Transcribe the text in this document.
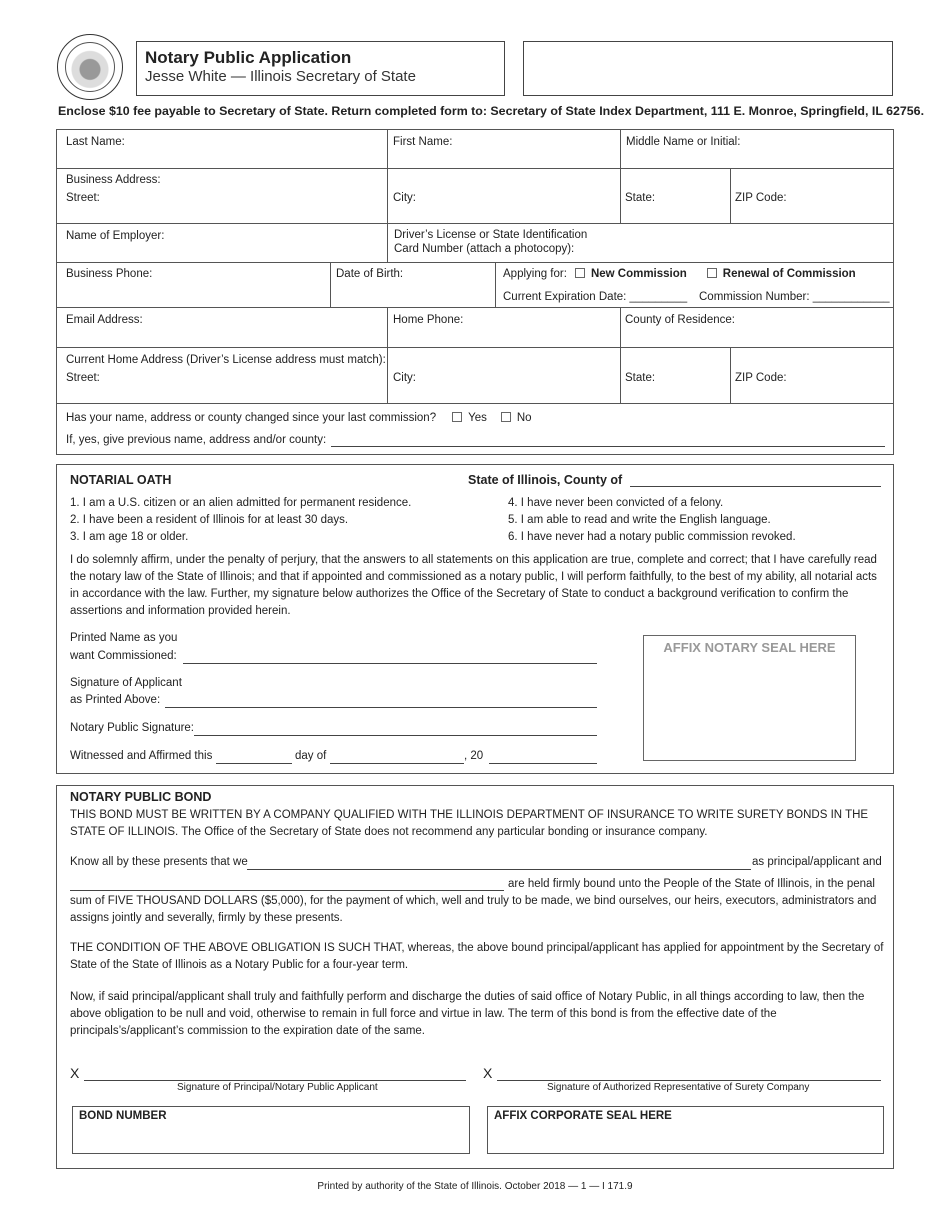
Notary Public Application
Jesse White — Illinois Secretary of State
Enclose $10 fee payable to Secretary of State. Return completed form to: Secretary of State Index Department, 111 E. Monroe, Springfield, IL 62756.
Last Name:	First Name:	Middle Name or Initial:
Business Address:
Street:	City:	State:	ZIP Code:
Name of Employer:	Driver’s License or State Identification
Card Number (attach a photocopy):
Business Phone:	Date of Birth:	Applying for: New Commission	Renewal of Commission
Current Expiration Date: _________ Commission Number: ____________
Email Address:	Home Phone:	County of Residence:
Current Home Address (Driver’s License address must match):
Street:	City:	State:	ZIP Code:
Has your name, address or county changed since your last commission?	Yes	No
If, yes, give previous name, address and/or county:
NOTARIAL OATH	State of Illinois, County of
1. I am a U.S. citizen or an alien admitted for permanent residence.
2. I have been a resident of Illinois for at least 30 days.
3. I am age 18 or older.
4. I have never been convicted of a felony.
5. I am able to read and write the English language.
6. I have never had a notary public commission revoked.
I do solemnly affirm, under the penalty of perjury, that the answers to all statements on this application are true, complete and correct; that I have carefully read the notary law of the State of Illinois; and that if appointed and commissioned as a notary public, I will perform faithfully, to the best of my ability, all notarial acts in accordance with the law. Further, my signature below authorizes the Office of the Secretary of State to conduct a background verification to confirm the assertions and information provided herein.
Printed Name as you
want Commissioned:
Signature of Applicant
as Printed Above:
Notary Public Signature:
Witnessed and Affirmed this	day of	, 20
AFFIX NOTARY SEAL HERE
NOTARY PUBLIC BOND
THIS BOND MUST BE WRITTEN BY A COMPANY QUALIFIED WITH THE ILLINOIS DEPARTMENT OF INSURANCE TO WRITE SURETY BONDS IN THE STATE OF ILLINOIS. The Office of the Secretary of State does not recommend any particular bonding or insurance company.
Know all by these presents that we	as principal/applicant and
are held firmly bound unto the People of the State of Illinois, in the penal
sum of FIVE THOUSAND DOLLARS ($5,000), for the payment of which, well and truly to be made, we bind ourselves, our heirs, executors, administrators and assigns jointly and severally, firmly by these presents.
THE CONDITION OF THE ABOVE OBLIGATION IS SUCH THAT, whereas, the above bound principal/applicant has applied for appointment by the Secretary of State of the State of Illinois as a Notary Public for a four-year term.
Now, if said principal/applicant shall truly and faithfully perform and discharge the duties of said office of Notary Public, in all things according to law, then the above obligation to be null and void, otherwise to remain in full force and virtue in law. The term of this bond is from the effective date of the principals’s/applicant’s commission to the expiration date of the same.
X
Signature of Principal/Notary Public Applicant
X
Signature of Authorized Representative of Surety Company
BOND NUMBER	AFFIX CORPORATE SEAL HERE
Printed by authority of the State of Illinois. October 2018 — 1 — I 171.9
